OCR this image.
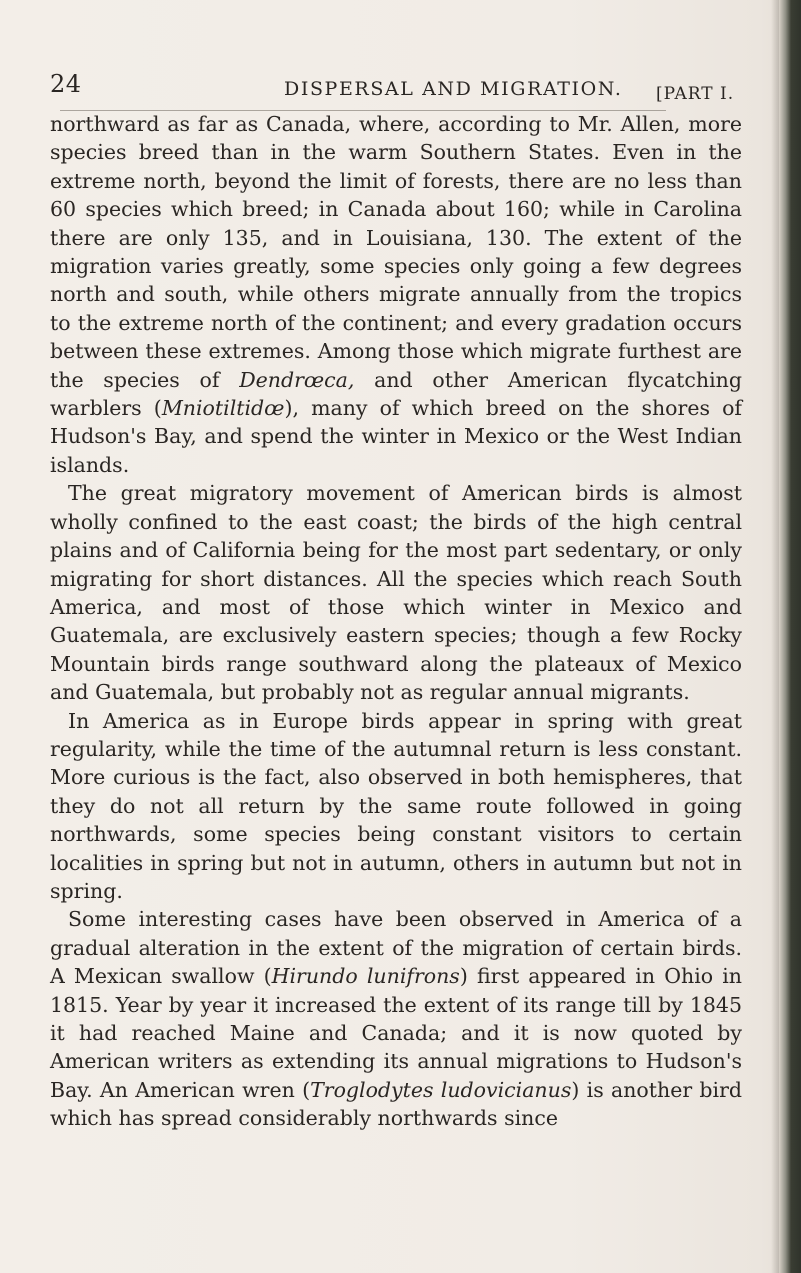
24	DISPERSAL AND MIGRATION. [PART I.

northward as far as Canada, where, according to Mr. Allen, more species breed than in the warm Southern States. Even in the extreme north, beyond the limit of forests, there are no less than 60 species which breed; in Canada about 160; while in Carolina there are only 135, and in Louisiana, 130. The extent of the migration varies greatly, some species only going a few degrees north and south, while others migrate annually from the tropics to the extreme north of the continent; and every gradation occurs between these extremes. Among those which migrate furthest are the species of Dendrœca, and other American flycatching warblers (Mniotiltidœ), many of which breed on the shores of Hudson's Bay, and spend the winter in Mexico or the West Indian islands.

The great migratory movement of American birds is almost wholly confined to the east coast; the birds of the high central plains and of California being for the most part sedentary, or only migrating for short distances. All the species which reach South America, and most of those which winter in Mexico and Guatemala, are exclusively eastern species; though a few Rocky Mountain birds range southward along the plateaux of Mexico and Guatemala, but probably not as regular annual migrants.

In America as in Europe birds appear in spring with great regularity, while the time of the autumnal return is less constant. More curious is the fact, also observed in both hemispheres, that they do not all return by the same route followed in going northwards, some species being constant visitors to certain localities in spring but not in autumn, others in autumn but not in spring.

Some interesting cases have been observed in America of a gradual alteration in the extent of the migration of certain birds. A Mexican swallow (Hirundo lunifrons) first appeared in Ohio in 1815. Year by year it increased the extent of its range till by 1845 it had reached Maine and Canada; and it is now quoted by American writers as extending its annual migrations to Hudson's Bay. An American wren (Troglodytes ludovicianus) is another bird which has spread considerably northwards since
